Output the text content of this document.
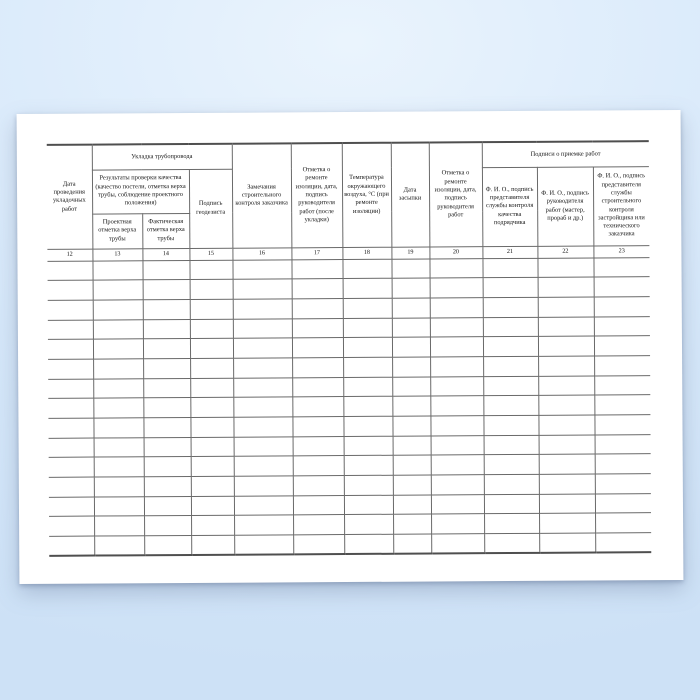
Дата проведения укладочных работ	Укладка трубопровода			Замечания строительного контроля заказчика	Отметка о ремонте изоляции, дата, подпись руководителя работ (после укладки)	Температура окружающего воздуха, °С (при ремонте изоляции)	Дата засыпки	Отметка о ремонте изоляции, дата, подпись руководителя работ	Подписи о приемке работ		
	Результаты проверки качества (качество постели, отметка верха трубы, соблюдение проектного положения)		Подпись геодезиста						Ф. И. О., подпись представителя службы контроля качества подрядчика	Ф. И. О., подпись руководителя работ (мастер, прораб и др.)	Ф. И. О., подпись представителя службы строительного контроля застройщика или технического заказчика
	Проектная отметка верха трубы	Фактическая отметка верха трубы									
12	13	14	15	16	17	18	19	20	21	22	23
